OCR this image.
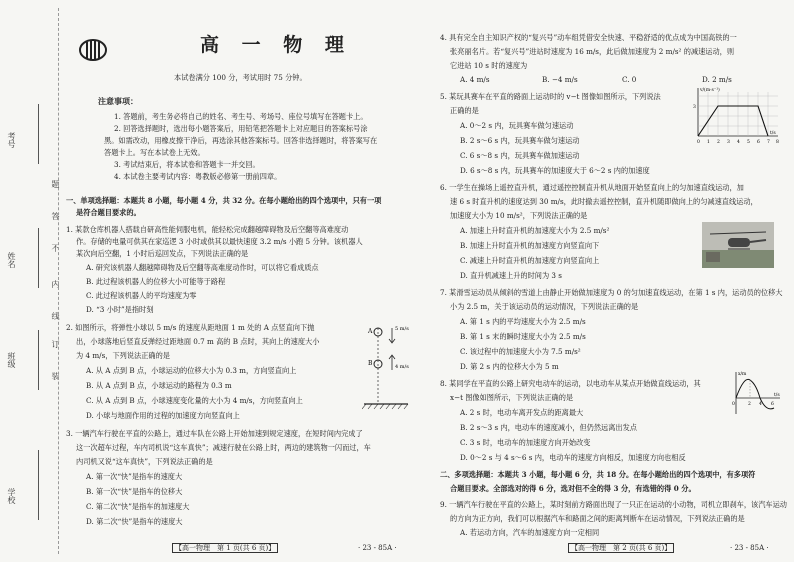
考号
题
姓名
答
不
内
线
订
班级
装
学校
高 一 物 理
本试卷满分 100 分，考试用时 75 分钟。
注意事项：
1. 答题前，考生务必将自己的姓名、考生号、考场号、座位号填写在答题卡上。
2. 回答选择题时，选出每小题答案后，用铅笔把答题卡上对应题目的答案标号涂
黑。如需改动，用橡皮擦干净后，再选涂其他答案标号。回答非选择题时，将答案写在
答题卡上。写在本试卷上无效。
3. 考试结束后，将本试卷和答题卡一并交回。
4. 本试卷主要考试内容：粤教版必修第一册前四章。
一、单项选择题：本题共 8 小题，每小题 4 分，共 32 分。在每小题给出的四个选项中，只有一项
是符合题目要求的。
1. 某款仓库机器人搭载自研高性能伺服电机，能轻松完成翻越障碍物及后空翻等高难度动
作。存储的电量可供其在家巡逻 3 小时或供其以最快速度 3.2 m/s 小跑 5 分钟。该机器人
某次向后空翻，1 小时后巡回发点，下列说法正确的是
A. 研究该机器人翻越障碍物及后空翻等高难度动作时，可以将它看成质点
B. 此过程该机器人的位移大小可能等于路程
C. 此过程该机器人的平均速度为零
D. “3 小时”是指时刻
2. 如图所示，将弹性小球以 5 m/s 的速度从距地面 1 m 处的 A 点竖直向下抛
出，小球落地后竖直反弹经过距地面 0.7 m 高的 B 点时，其向上的速度大小
为 4 m/s，下列说法正确的是
A. 从 A 点到 B 点，小球运动的位移大小为 0.3 m，方向竖直向上
B. 从 A 点到 B 点，小球运动的路程为 0.3 m
C. 从 A 点到 B 点，小球速度变化量的大小为 4 m/s，方向竖直向上
D. 小球与地面作用的过程的加速度方向竖直向上
A
B
5 m/s
4 m/s
3. 一辆汽车行驶在平直的公路上，通过车队在公路上开始加速到规定速度，在短时间内完成了
这一次超车过程，车内司机说“这车真快”；减速行驶在公路上时，两边的建筑物一闪而过，车
内司机又说“这车真快”，下列说法正确的是
A. 第一次“快”是指车的速度大
B. 第一次“快”是指车的位移大
C. 第二次“快”是指车的加速度大
D. 第二次“快”是指车的速度大
【高一物理　第 1 页(共 6 页)】	· 23 - 85A ·
4. 具有完全自主知识产权的“复兴号”动车组凭借安全快速、平稳舒适的优点成为中国高铁的一
张亮丽名片。若“复兴号”进站时速度为 16 m/s，此后做加速度为 2 m/s² 的减速运动，则
它进站 10 s 时的速度为
A. 4 m/s	B. −4 m/s	C. 0	D. 2 m/s
5. 某玩具赛车在平直的路面上运动时的 v−t 图像如图所示，下列说法
正确的是
A. 0～2 s 内，玩具赛车做匀速运动
B. 2 s～6 s 内，玩具赛车做匀速运动
C. 6 s～8 s 内，玩具赛车做加速运动
D. 6 s～8 s 内，玩具赛车的加速度大于 6～2 s 内的加速度
v/(m·s⁻¹)
t/s
3
0 1 2 3 4 5 6 7 8
6. 一学生在操场上遥控直升机，通过遥控控制直升机从地面开始竖直向上的匀加速直线运动，加
速 6 s 时直升机的速度达到 30 m/s，此时撤去遥控控制，直升机随即做向上的匀减速直线运动，
加速度大小为 10 m/s²，下列说法正确的是
A. 加速上升时直升机的加速度大小为 2.5 m/s²
B. 加速上升时直升机的加速度方向竖直向下
C. 减速上升时直升机的加速度方向竖直向上
D. 直升机减速上升的时间为 3 s
7. 某滑雪运动员从倾斜的雪道上由静止开始做加速度为 0 的匀加速直线运动，在第 1 s 内，运动员的位移大
小为 2.5 m，关于该运动员的运动情况，下列说法正确的是
A. 第 1 s 内的平均速度大小为 2.5 m/s
B. 第 1 s 末的瞬时速度大小为 2.5 m/s
C. 该过程中的加速度大小为 7.5 m/s²
D. 第 2 s 内的位移大小为 5 m
8. 某同学在平直的公路上研究电动车的运动，以电动车从某点开始做直线运动，其
x−t 图像如图所示，下列说法正确的是
A. 2 s 时，电动车离开发点的距离最大
B. 2 s～3 s 内，电动车的速度减小，但仍然远离出发点
C. 3 s 时，电动车的加速度方向开始改变
D. 0～2 s 与 4 s～6 s 内，电动车的速度方向相反，加速度方向也相反
x/m
t/s
0	2 4 6
二、多项选择题：本题共 3 小题，每小题 6 分，共 18 分。在每小题给出的四个选项中，有多项符
合题目要求。全部选对的得 6 分，选对但不全的得 3 分，有选错的得 0 分。
9. 一辆汽车行驶在平直的公路上，某时刻前方路面出现了一只正在运动的小动物，司机立即刹车，该汽车运动
的方向为正方向，我们可以根据汽车和路面之间的距离判断车在运动情况，下列说法正确的是
A. 若运动方向，汽车的加速度方向一定相同
【高一物理　第 2 页(共 6 页)】	· 23 - 85A ·
